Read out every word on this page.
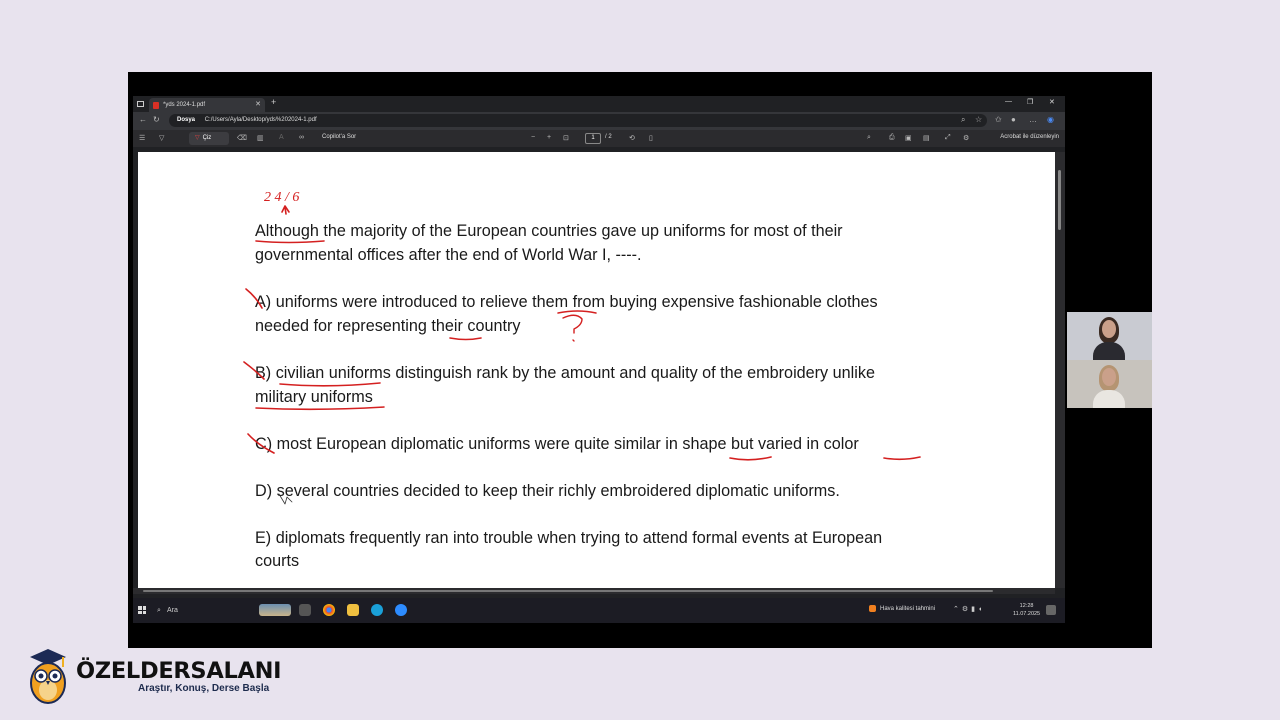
*yds 2024-1.pdf	✕ +	— ❐ ✕
← ↻	Dosya C:/Users/Ayla/Desktop/yds%202024-1.pdf	⌕ ☆ ✩ ● … ◉
☰ ▽	▽ Çiz	⌫ ▥ A ∞	Copilot'a Sor	− + ⊡	1	/ 2 ⟲ ▯	⌕	⎙ ▣ ▤ ⤢ ⚙	Acrobat ile düzenleyin
Although the majority of the European countries gave up uniforms for most of their
governmental offices after the end of World War I, ----.
A) uniforms were introduced to relieve them from buying expensive fashionable clothes
needed for representing their country
B) civilian uniforms distinguish rank by the amount and quality of the embroidery unlike
military uniforms
C) most European diplomatic uniforms were quite similar in shape but varied in color
D) several countries decided to keep their richly embroidered diplomatic uniforms.
E) diplomats frequently ran into trouble when trying to attend formal events at European
courts
2 4 / 6
⌕ Ara	Hava kalitesi tahmini	⌃⚙▮◖	12:28
11.07.2025
ÖZELDERSALANI
Araştır, Konuş, Derse Başla
